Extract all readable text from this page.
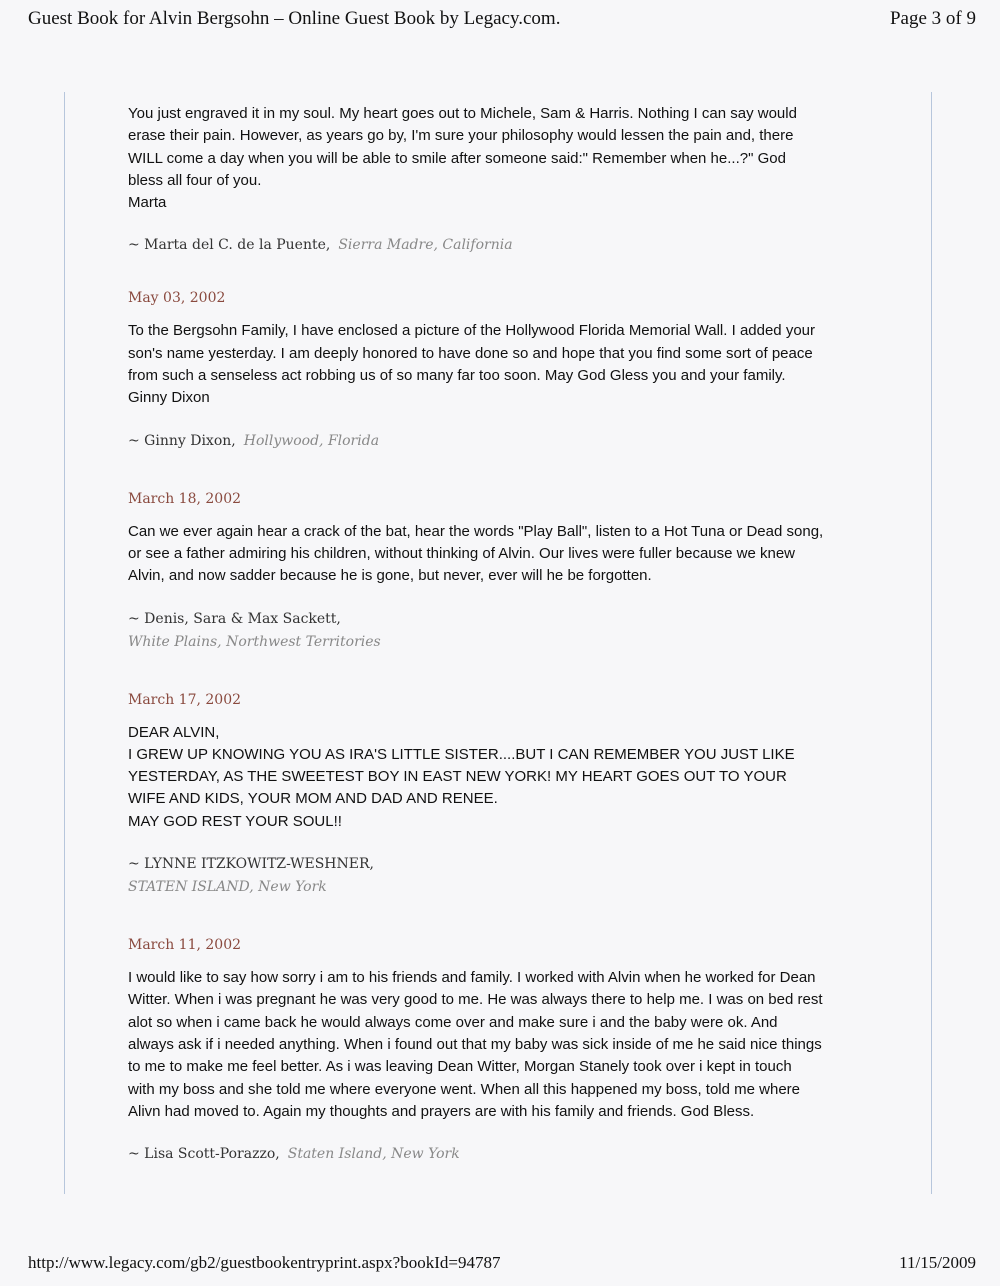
Guest Book for Alvin Bergsohn – Online Guest Book by Legacy.com.	Page 3 of 9

You just engraved it in my soul. My heart goes out to Michele, Sam & Harris. Nothing I can say would
erase their pain. However, as years go by, I'm sure your philosophy would lessen the pain and, there
WILL come a day when you will be able to smile after someone said:" Remember when he...?" God
bless all four of you.
Marta

~ Marta del C. de la Puente, Sierra Madre, California
May 03, 2002

To the Bergsohn Family, I have enclosed a picture of the Hollywood Florida Memorial Wall. I added your
son's name yesterday. I am deeply honored to have done so and hope that you find some sort of peace
from such a senseless act robbing us of so many far too soon. May God Gless you and your family.
Ginny Dixon

~ Ginny Dixon, Hollywood, Florida
March 18, 2002

Can we ever again hear a crack of the bat, hear the words "Play Ball", listen to a Hot Tuna or Dead song,
or see a father admiring his children, without thinking of Alvin. Our lives were fuller because we knew
Alvin, and now sadder because he is gone, but never, ever will he be forgotten.

~ Denis, Sara & Max Sackett,
White Plains, Northwest Territories
March 17, 2002

DEAR ALVIN,
I GREW UP KNOWING YOU AS IRA'S LITTLE SISTER....BUT I CAN REMEMBER YOU JUST LIKE
YESTERDAY, AS THE SWEETEST BOY IN EAST NEW YORK! MY HEART GOES OUT TO YOUR
WIFE AND KIDS, YOUR MOM AND DAD AND RENEE.
MAY GOD REST YOUR SOUL!!

~ LYNNE ITZKOWITZ-WESHNER,
STATEN ISLAND, New York
March 11, 2002

I would like to say how sorry i am to his friends and family. I worked with Alvin when he worked for Dean
Witter. When i was pregnant he was very good to me. He was always there to help me. I was on bed rest
alot so when i came back he would always come over and make sure i and the baby were ok. And
always ask if i needed anything. When i found out that my baby was sick inside of me he said nice things
to me to make me feel better. As i was leaving Dean Witter, Morgan Stanely took over i kept in touch
with my boss and she told me where everyone went. When all this happened my boss, told me where
Alivn had moved to. Again my thoughts and prayers are with his family and friends. God Bless.

~ Lisa Scott-Porazzo, Staten Island, New York
http://www.legacy.com/gb2/guestbookentryprint.aspx?bookId=94787	11/15/2009
